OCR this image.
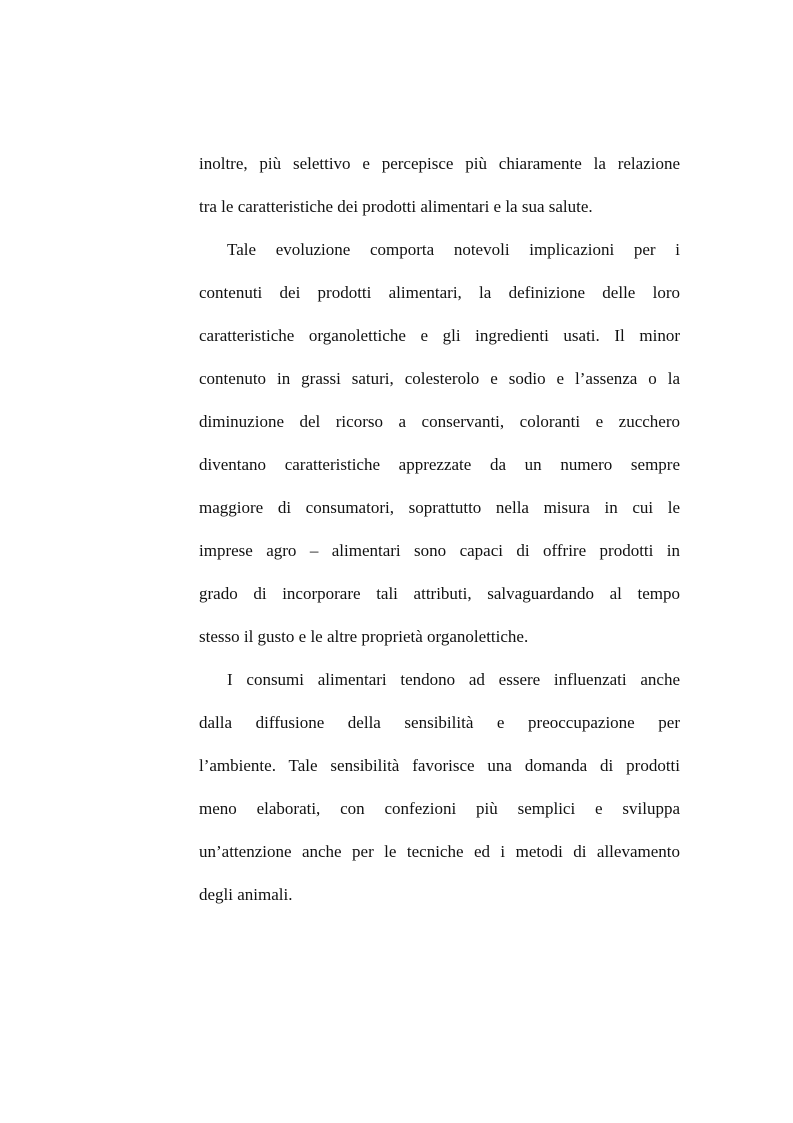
inoltre, più selettivo e percepisce più chiaramente la relazione
tra le caratteristiche dei prodotti alimentari e la sua salute.
Tale evoluzione comporta notevoli implicazioni per i
contenuti dei prodotti alimentari, la definizione delle loro
caratteristiche organolettiche e gli ingredienti usati. Il minor
contenuto in grassi saturi, colesterolo e sodio e l’assenza o la
diminuzione del ricorso a conservanti, coloranti e zucchero
diventano caratteristiche apprezzate da un numero sempre
maggiore di consumatori, soprattutto nella misura in cui le
imprese agro – alimentari sono capaci di offrire prodotti in
grado di incorporare tali attributi, salvaguardando al tempo
stesso il gusto e le altre proprietà organolettiche.
I consumi alimentari tendono ad essere influenzati anche
dalla diffusione della sensibilità e preoccupazione per
l’ambiente. Tale sensibilità favorisce una domanda di prodotti
meno elaborati, con confezioni più semplici e sviluppa
un’attenzione anche per le tecniche ed i metodi di allevamento
degli animali.
